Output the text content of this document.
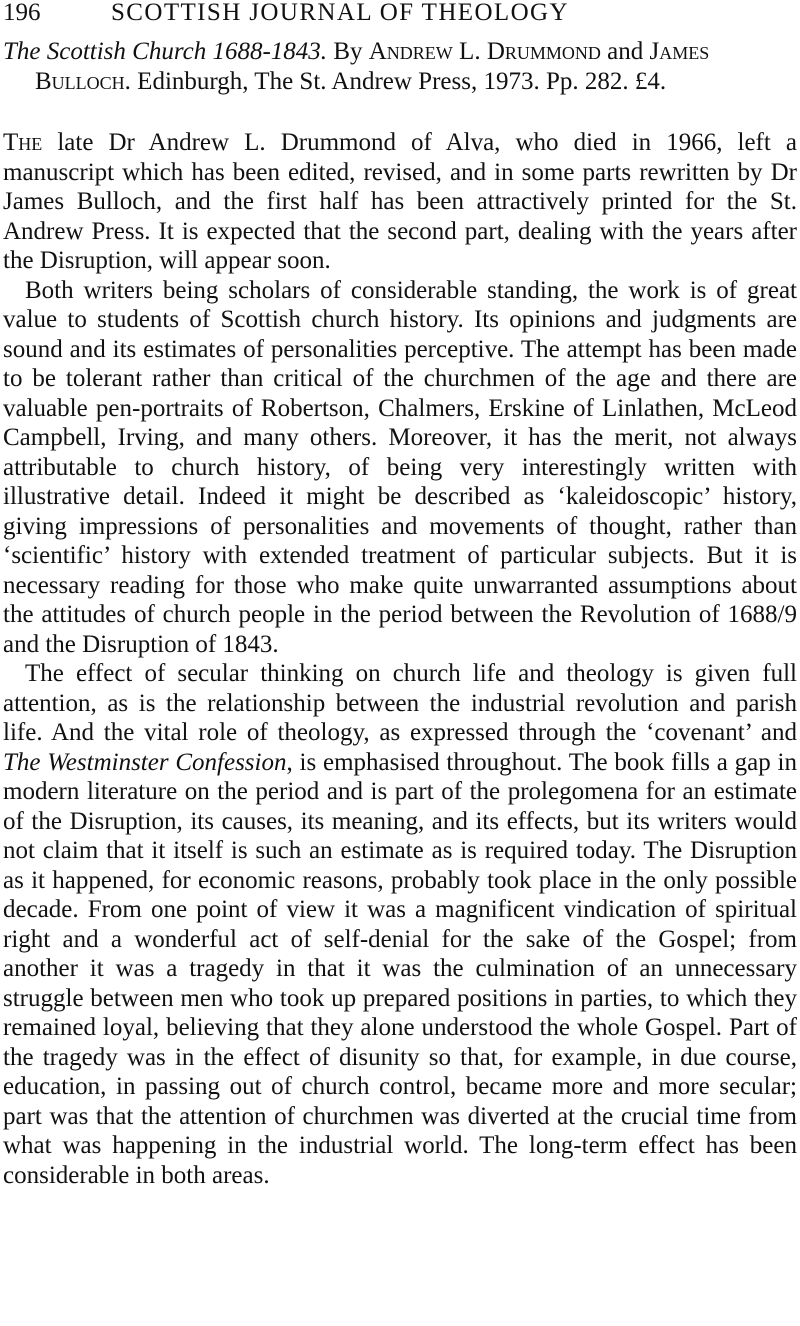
196	SCOTTISH JOURNAL OF THEOLOGY
The Scottish Church 1688-1843. By Andrew L. Drummond and James Bulloch. Edinburgh, The St. Andrew Press, 1973. Pp. 282. £4.

The late Dr Andrew L. Drummond of Alva, who died in 1966, left a manuscript which has been edited, revised, and in some parts rewritten by Dr James Bulloch, and the first half has been attractively printed for the St. Andrew Press. It is expected that the second part, dealing with the years after the Disruption, will appear soon.

Both writers being scholars of considerable standing, the work is of great value to students of Scottish church history. Its opinions and judgments are sound and its estimates of personalities perceptive. The attempt has been made to be tolerant rather than critical of the churchmen of the age and there are valuable pen-portraits of Robertson, Chalmers, Erskine of Linlathen, McLeod Campbell, Irving, and many others. Moreover, it has the merit, not always attributable to church history, of being very interestingly written with illustrative detail. Indeed it might be described as ‘kaleidoscopic’ history, giving impressions of personalities and movements of thought, rather than ‘scientific’ history with extended treatment of particular subjects. But it is necessary reading for those who make quite unwarranted assumptions about the attitudes of church people in the period between the Revolution of 1688/9 and the Disruption of 1843.

The effect of secular thinking on church life and theology is given full attention, as is the relationship between the industrial revolution and parish life. And the vital role of theology, as expressed through the ‘covenant’ and The Westminster Confession, is emphasised throughout. The book fills a gap in modern literature on the period and is part of the prolegomena for an estimate of the Disruption, its causes, its meaning, and its effects, but its writers would not claim that it itself is such an estimate as is required today. The Disruption as it happened, for economic reasons, probably took place in the only possible decade. From one point of view it was a magnificent vindication of spiritual right and a wonderful act of self-denial for the sake of the Gospel; from another it was a tragedy in that it was the culmination of an unnecessary struggle between men who took up prepared positions in parties, to which they remained loyal, believing that they alone understood the whole Gospel. Part of the tragedy was in the effect of disunity so that, for example, in due course, education, in passing out of church control, became more and more secular; part was that the attention of churchmen was diverted at the crucial time from what was happening in the industrial world. The long-term effect has been considerable in both areas.
